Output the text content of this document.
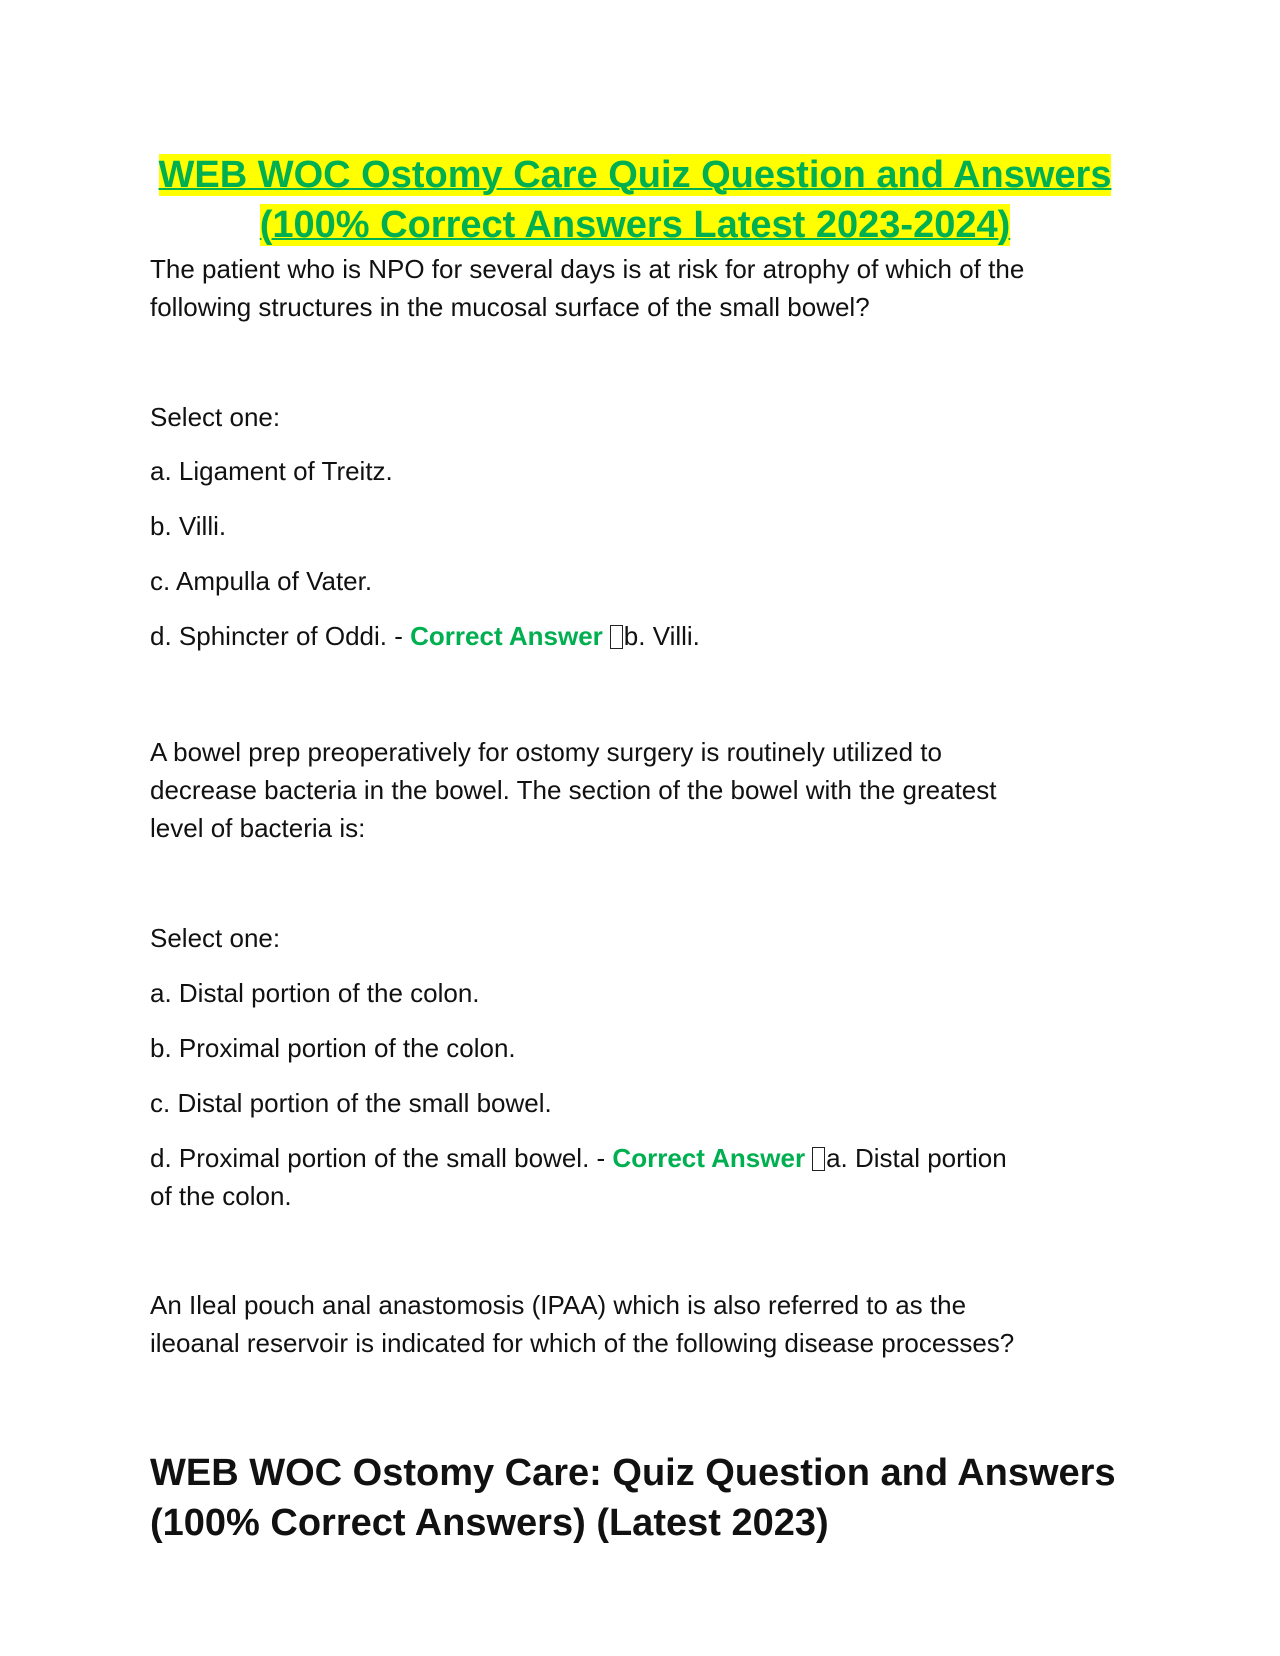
WEB WOC Ostomy Care Quiz Question and Answers
(100% Correct Answers Latest 2023-2024)
The patient who is NPO for several days is at risk for atrophy of which of the
following structures in the mucosal surface of the small bowel?
Select one:
a. Ligament of Treitz.
b. Villi.
c. Ampulla of Vater.
d. Sphincter of Oddi. - Correct Answer b. Villi.
A bowel prep preoperatively for ostomy surgery is routinely utilized to
decrease bacteria in the bowel. The section of the bowel with the greatest
level of bacteria is:
Select one:
a. Distal portion of the colon.
b. Proximal portion of the colon.
c. Distal portion of the small bowel.
d. Proximal portion of the small bowel. - Correct Answer a. Distal portion
of the colon.
An Ileal pouch anal anastomosis (IPAA) which is also referred to as the
ileoanal reservoir is indicated for which of the following disease processes?
WEB WOC Ostomy Care: Quiz Question and Answers
(100% Correct Answers) (Latest 2023)
